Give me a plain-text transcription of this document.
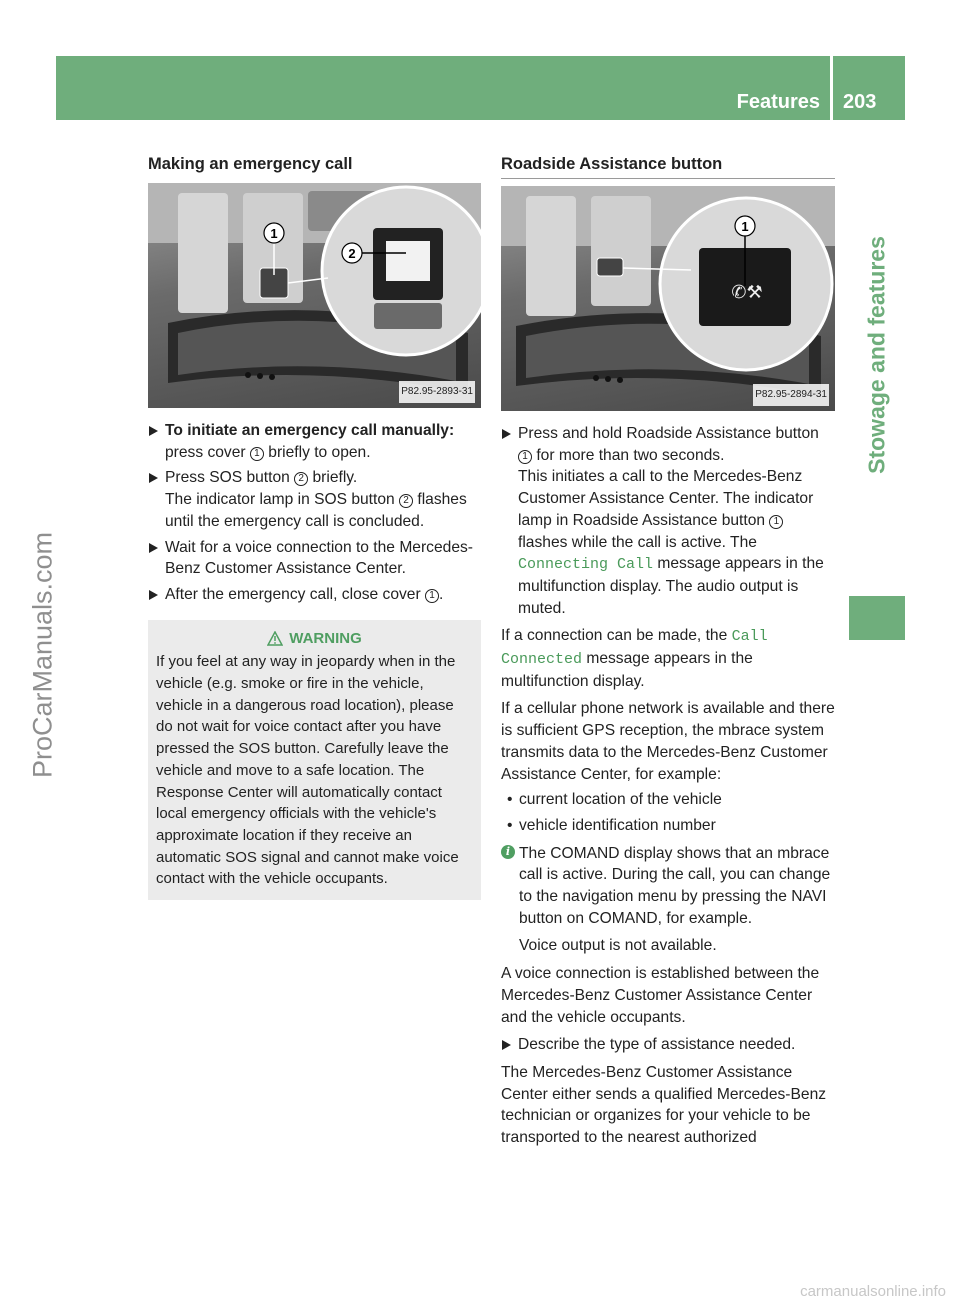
Features 203
Stowage and features
ProCarManuals.com
carmanualsonline.info
Making an emergency call
1
2
P82.95-2893-31
To initiate an emergency call manually: press cover 1 briefly to open.
Press SOS button 2 briefly.
The indicator lamp in SOS button 2 flashes until the emergency call is concluded.
Wait for a voice connection to the Mercedes-Benz Customer Assistance Center.
After the emergency call, close cover 1 .
WARNING
If you feel at any way in jeopardy when in the vehicle (e.g. smoke or fire in the vehicle, vehicle in a dangerous road location), please do not wait for voice contact after you have pressed the SOS button. Carefully leave the vehicle and move to a safe location. The Response Center will automatically contact local emergency officials with the vehicle's approximate location if they receive an automatic SOS signal and cannot make voice contact with the vehicle occupants.
Roadside Assistance button
✆⚒
1
P82.95-2894-31
Press and hold Roadside Assistance button 1 for more than two seconds.
This initiates a call to the Mercedes-Benz Customer Assistance Center. The indicator lamp in Roadside Assistance button 1 flashes while the call is active. The Connecting Call message appears in the multifunction display. The audio output is muted.
If a connection can be made, the Call Connected message appears in the multifunction display.
If a cellular phone network is available and there is sufficient GPS reception, the mbrace system transmits data to the Mercedes-Benz Customer Assistance Center, for example:
• current location of the vehicle
• vehicle identification number
i The COMAND display shows that an mbrace call is active. During the call, you can change to the navigation menu by pressing the NAVI button on COMAND, for example.
Voice output is not available.
A voice connection is established between the Mercedes-Benz Customer Assistance Center and the vehicle occupants.
Describe the type of assistance needed.
The Mercedes-Benz Customer Assistance Center either sends a qualified Mercedes-Benz technician or organizes for your vehicle to be transported to the nearest authorized
